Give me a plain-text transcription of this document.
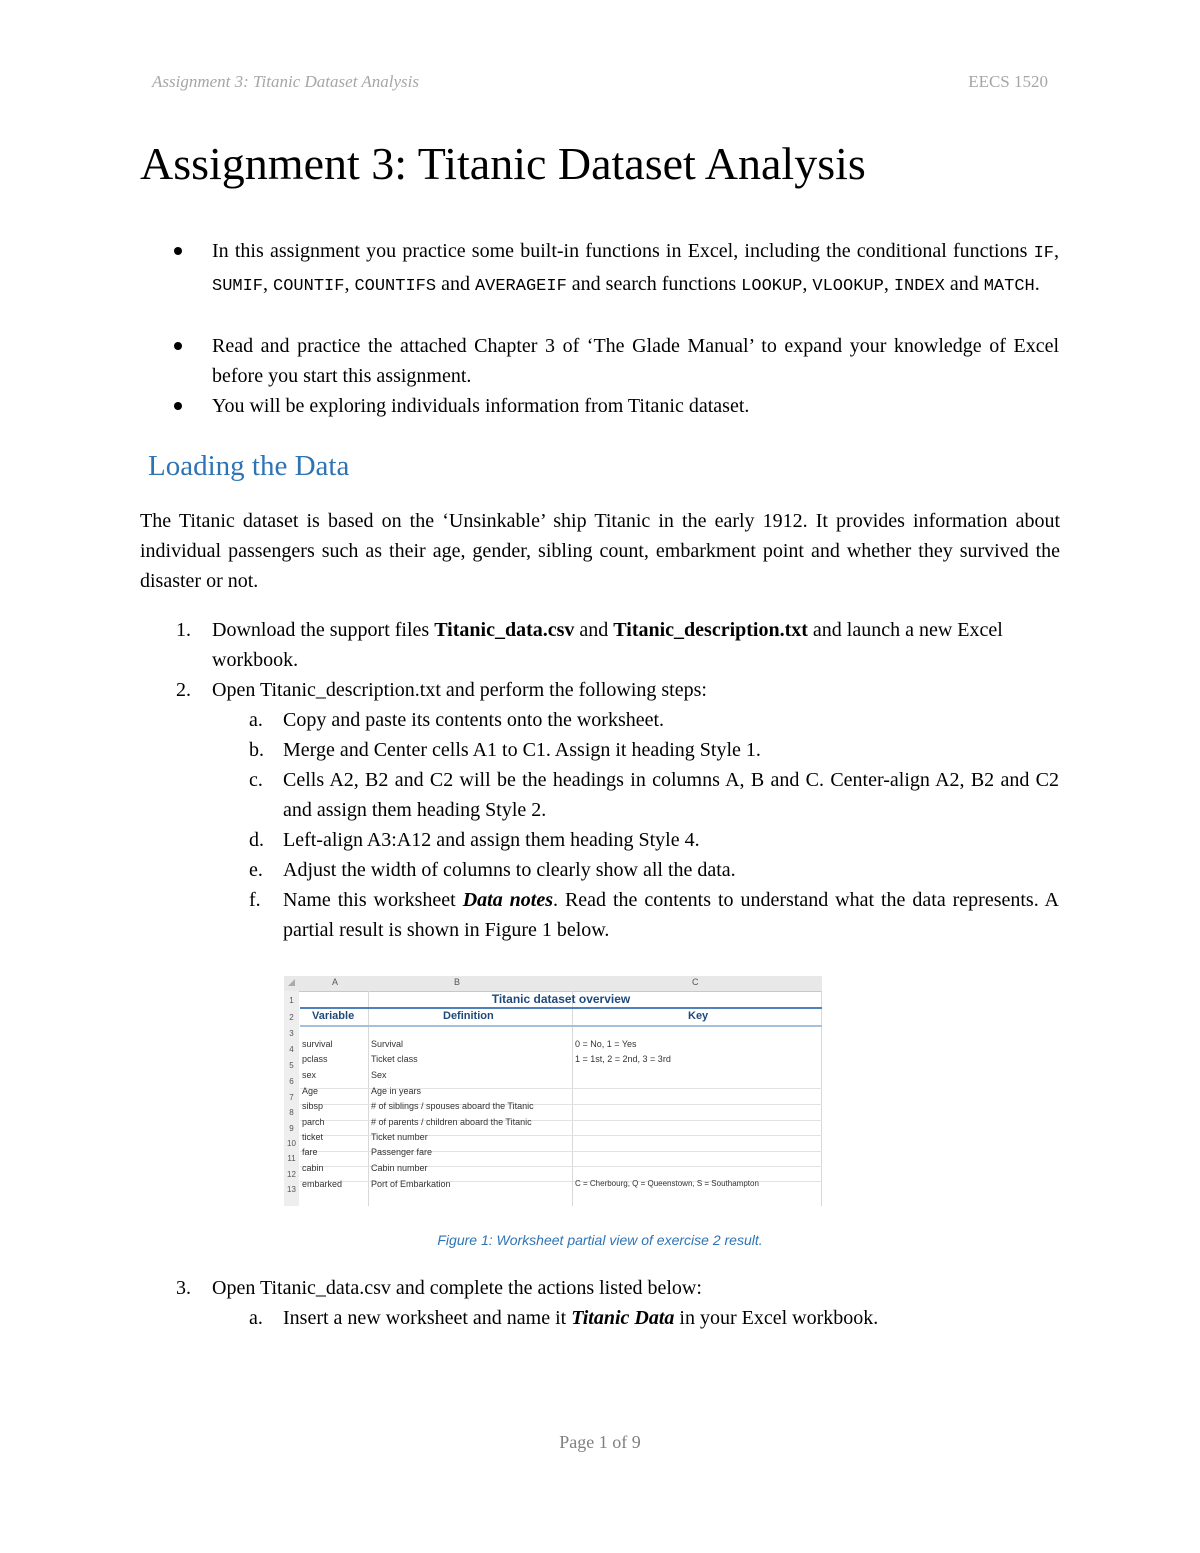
Assignment 3: Titanic Dataset Analysis	EECS 1520
Assignment 3: Titanic Dataset Analysis
In this assignment you practice some built-in functions in Excel, including the conditional functions IF, SUMIF, COUNTIF, COUNTIFS and AVERAGEIF and search functions LOOKUP, VLOOKUP, INDEX and MATCH.
Read and practice the attached Chapter 3 of ‘The Glade Manual’ to expand your knowledge of Excel before you start this assignment.
You will be exploring individuals information from Titanic dataset.
Loading the Data
The Titanic dataset is based on the ‘Unsinkable’ ship Titanic in the early 1912. It provides information about individual passengers such as their age, gender, sibling count, embarkment point and whether they survived the disaster or not.
1. Download the support files Titanic_data.csv and Titanic_description.txt and launch a new Excel workbook.
2. Open Titanic_description.txt and perform the following steps:
a. Copy and paste its contents onto the worksheet.
b. Merge and Center cells A1 to C1. Assign it heading Style 1.
c. Cells A2, B2 and C2 will be the headings in columns A, B and C. Center-align A2, B2 and C2 and assign them heading Style 2.
d. Left-align A3:A12 and assign them heading Style 4.
e. Adjust the width of columns to clearly show all the data.
f. Name this worksheet Data notes. Read the contents to understand what the data represents. A partial result is shown in Figure 1 below.
A	B	C
1
2
3
4
5
6
7
8
9
10
11
12
13
Titanic dataset overview
Variable	Definition	Key
survival	Survival	0 = No, 1 = Yes
pclass	Ticket class	1 = 1st, 2 = 2nd, 3 = 3rd
sex	Sex
Age	Age in years
sibsp	# of siblings / spouses aboard the Titanic
parch	# of parents / children aboard the Titanic
ticket	Ticket number
fare	Passenger fare
cabin	Cabin number
embarked	Port of Embarkation	C = Cherbourg, Q = Queenstown, S = Southampton
Figure 1: Worksheet partial view of exercise 2 result.
3. Open Titanic_data.csv and complete the actions listed below:
a. Insert a new worksheet and name it Titanic Data in your Excel workbook.
Page 1 of 9
